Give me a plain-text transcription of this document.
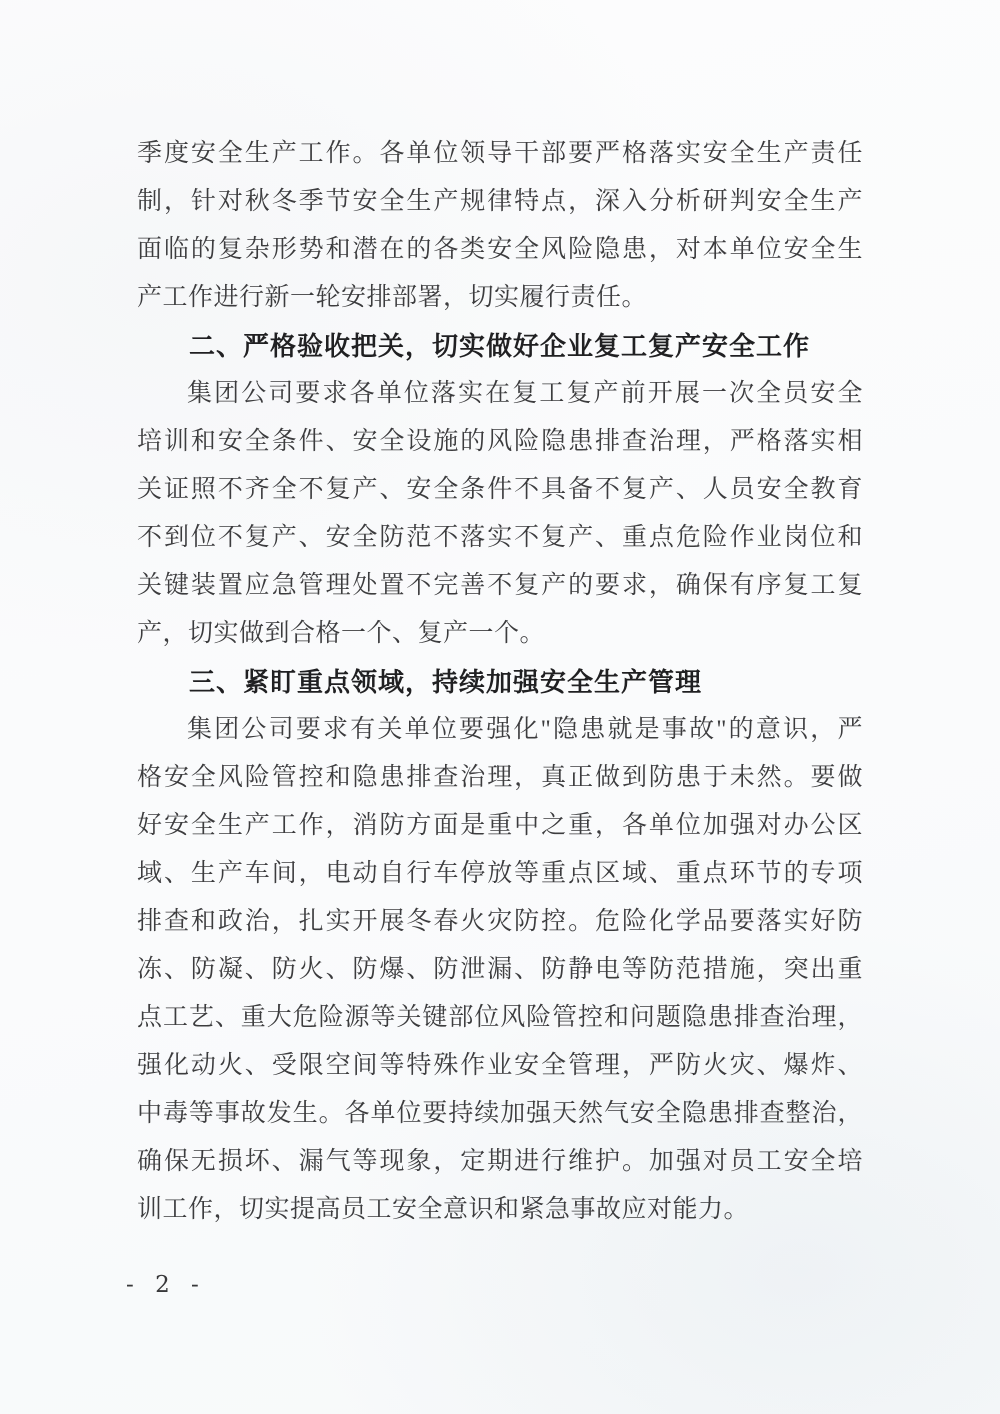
季度安全生产工作。各单位领导干部要严格落实安全生产责任
制，针对秋冬季节安全生产规律特点，深入分析研判安全生产
面临的复杂形势和潜在的各类安全风险隐患，对本单位安全生
产工作进行新一轮安排部署，切实履行责任。
二、严格验收把关，切实做好企业复工复产安全工作
集团公司要求各单位落实在复工复产前开展一次全员安全
培训和安全条件、安全设施的风险隐患排查治理，严格落实相
关证照不齐全不复产、安全条件不具备不复产、人员安全教育
不到位不复产、安全防范不落实不复产、重点危险作业岗位和
关键装置应急管理处置不完善不复产的要求，确保有序复工复
产，切实做到合格一个、复产一个。
三、紧盯重点领域，持续加强安全生产管理
集团公司要求有关单位要强化"隐患就是事故"的意识，严
格安全风险管控和隐患排查治理，真正做到防患于未然。要做
好安全生产工作，消防方面是重中之重，各单位加强对办公区
域、生产车间，电动自行车停放等重点区域、重点环节的专项
排查和政治，扎实开展冬春火灾防控。危险化学品要落实好防
冻、防凝、防火、防爆、防泄漏、防静电等防范措施，突出重
点工艺、重大危险源等关键部位风险管控和问题隐患排查治理，
强化动火、受限空间等特殊作业安全管理，严防火灾、爆炸、
中毒等事故发生。各单位要持续加强天然气安全隐患排查整治，
确保无损坏、漏气等现象，定期进行维护。加强对员工安全培
训工作，切实提高员工安全意识和紧急事故应对能力。
- 2 -
